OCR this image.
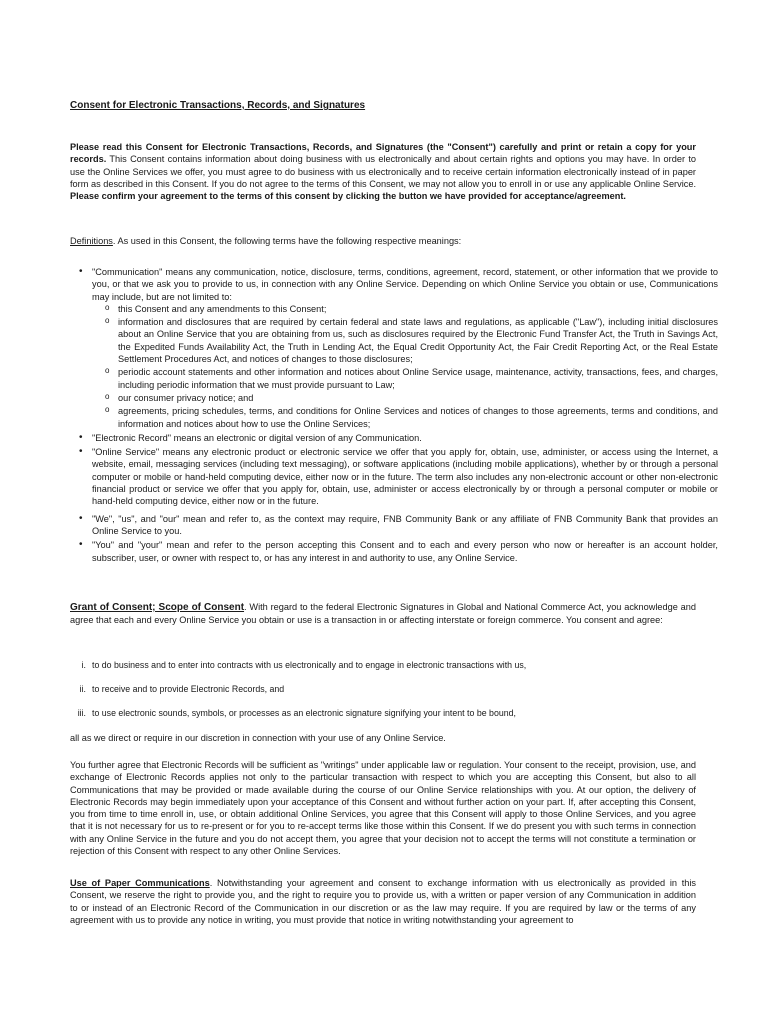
Consent for Electronic Transactions, Records, and Signatures

Please read this Consent for Electronic Transactions, Records, and Signatures (the "Consent") carefully and print or retain a copy for your records. This Consent contains information about doing business with us electronically and about certain rights and options you may have. In order to use the Online Services we offer, you must agree to do business with us electronically and to receive certain information electronically instead of in paper form as described in this Consent. If you do not agree to the terms of this Consent, we may not allow you to enroll in or use any applicable Online Service. Please confirm your agreement to the terms of this consent by clicking the button we have provided for acceptance/agreement.

Definitions. As used in this Consent, the following terms have the following respective meanings:

• "Communication" means any communication, notice, disclosure, terms, conditions, agreement, record, statement, or other information that we provide to you, or that we ask you to provide to us, in connection with any Online Service. Depending on which Online Service you obtain or use, Communications may include, but are not limited to:
o this Consent and any amendments to this Consent;
o information and disclosures that are required by certain federal and state laws and regulations, as applicable ("Law"), including initial disclosures about an Online Service that you are obtaining from us, such as disclosures required by the Electronic Fund Transfer Act, the Truth in Savings Act, the Expedited Funds Availability Act, the Truth in Lending Act, the Equal Credit Opportunity Act, the Fair Credit Reporting Act, or the Real Estate Settlement Procedures Act, and notices of changes to those disclosures;
o periodic account statements and other information and notices about Online Service usage, maintenance, activity, transactions, fees, and charges, including periodic information that we must provide pursuant to Law;
o our consumer privacy notice; and
o agreements, pricing schedules, terms, and conditions for Online Services and notices of changes to those agreements, terms and conditions, and information and notices about how to use the Online Services;
• "Electronic Record" means an electronic or digital version of any Communication.
• "Online Service" means any electronic product or electronic service we offer that you apply for, obtain, use, administer, or access using the Internet, a website, email, messaging services (including text messaging), or software applications (including mobile applications), whether by or through a personal computer or mobile or hand-held computing device, either now or in the future. The term also includes any non-electronic account or other non-electronic financial product or service we offer that you apply for, obtain, use, administer or access electronically by or through a personal computer or mobile or hand-held computing device, either now or in the future.
• "We", "us", and "our" mean and refer to, as the context may require, FNB Community Bank or any affiliate of FNB Community Bank that provides an Online Service to you.
• "You" and "your" mean and refer to the person accepting this Consent and to each and every person who now or hereafter is an account holder, subscriber, user, or owner with respect to, or has any interest in and authority to use, any Online Service.

Grant of Consent; Scope of Consent. With regard to the federal Electronic Signatures in Global and National Commerce Act, you acknowledge and agree that each and every Online Service you obtain or use is a transaction in or affecting interstate or foreign commerce. You consent and agree:

i. to do business and to enter into contracts with us electronically and to engage in electronic transactions with us,
ii. to receive and to provide Electronic Records, and
iii. to use electronic sounds, symbols, or processes as an electronic signature signifying your intent to be bound,

all as we direct or require in our discretion in connection with your use of any Online Service.

You further agree that Electronic Records will be sufficient as "writings" under applicable law or regulation. Your consent to the receipt, provision, use, and exchange of Electronic Records applies not only to the particular transaction with respect to which you are accepting this Consent, but also to all Communications that may be provided or made available during the course of our Online Service relationships with you. At our option, the delivery of Electronic Records may begin immediately upon your acceptance of this Consent and without further action on your part. If, after accepting this Consent, you from time to time enroll in, use, or obtain additional Online Services, you agree that this Consent will apply to those Online Services, and you agree that it is not necessary for us to re-present or for you to re-accept terms like those within this Consent. If we do present you with such terms in connection with any Online Service in the future and you do not accept them, you agree that your decision not to accept the terms will not constitute a termination or rejection of this Consent with respect to any other Online Services.

Use of Paper Communications. Notwithstanding your agreement and consent to exchange information with us electronically as provided in this Consent, we reserve the right to provide you, and the right to require you to provide us, with a written or paper version of any Communication in addition to or instead of an Electronic Record of the Communication in our discretion or as the law may require. If you are required by law or the terms of any agreement with us to provide any notice in writing, you must provide that notice in writing notwithstanding your agreement to
